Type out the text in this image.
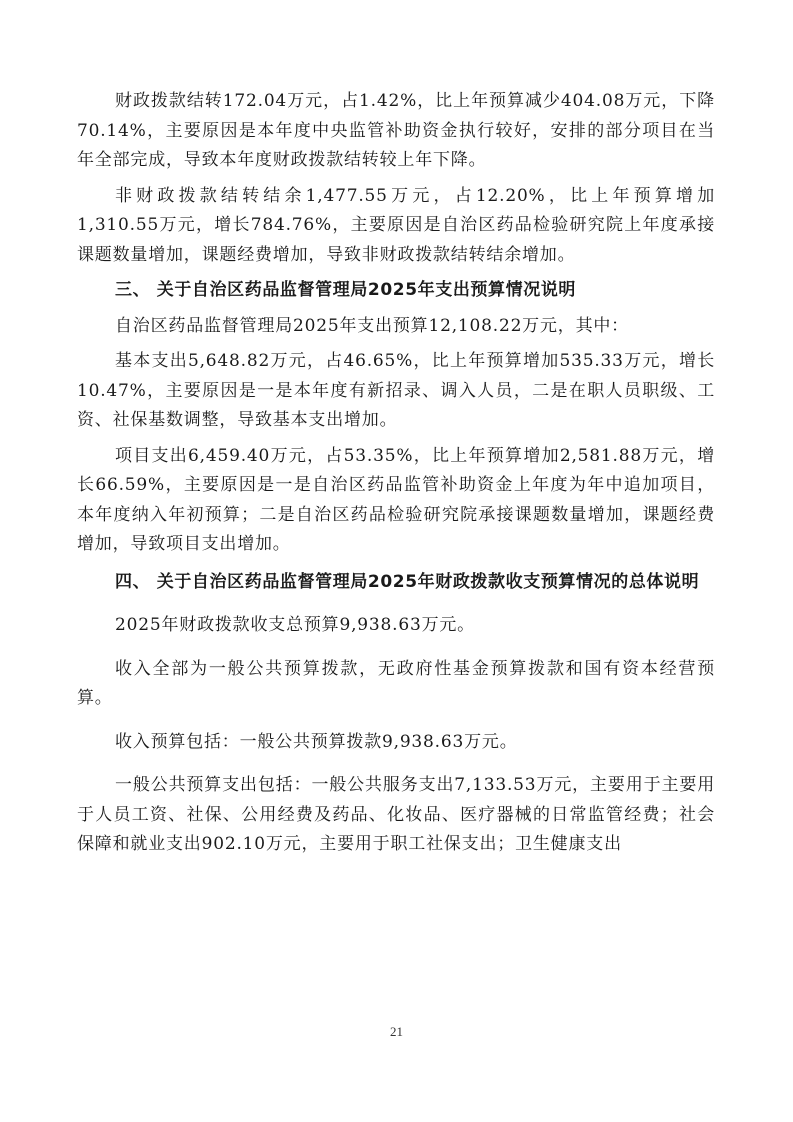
财政拨款结转172.04万元，占1.42%，比上年预算减少404.08万元，下降70.14%，主要原因是本年度中央监管补助资金执行较好，安排的部分项目在当年全部完成，导致本年度财政拨款结转较上年下降。

非财政拨款结转结余1,477.55万元，占12.20%，比上年预算增加1,310.55万元，增长784.76%，主要原因是自治区药品检验研究院上年度承接课题数量增加，课题经费增加，导致非财政拨款结转结余增加。

三、 关于自治区药品监督管理局2025年支出预算情况说明

自治区药品监督管理局2025年支出预算12,108.22万元，其中：

基本支出5,648.82万元，占46.65%，比上年预算增加535.33万元，增长10.47%，主要原因是一是本年度有新招录、调入人员，二是在职人员职级、工资、社保基数调整，导致基本支出增加。

项目支出6,459.40万元，占53.35%，比上年预算增加2,581.88万元，增长66.59%，主要原因是一是自治区药品监管补助资金上年度为年中追加项目，本年度纳入年初预算；二是自治区药品检验研究院承接课题数量增加，课题经费增加，导致项目支出增加。

四、 关于自治区药品监督管理局2025年财政拨款收支预算情况的总体说明

2025年财政拨款收支总预算9,938.63万元。

收入全部为一般公共预算拨款，无政府性基金预算拨款和国有资本经营预算。

收入预算包括：一般公共预算拨款9,938.63万元。

一般公共预算支出包括：一般公共服务支出7,133.53万元，主要用于主要用于人员工资、社保、公用经费及药品、化妆品、医疗器械的日常监管经费；社会保障和就业支出902.10万元，主要用于职工社保支出；卫生健康支出

21
